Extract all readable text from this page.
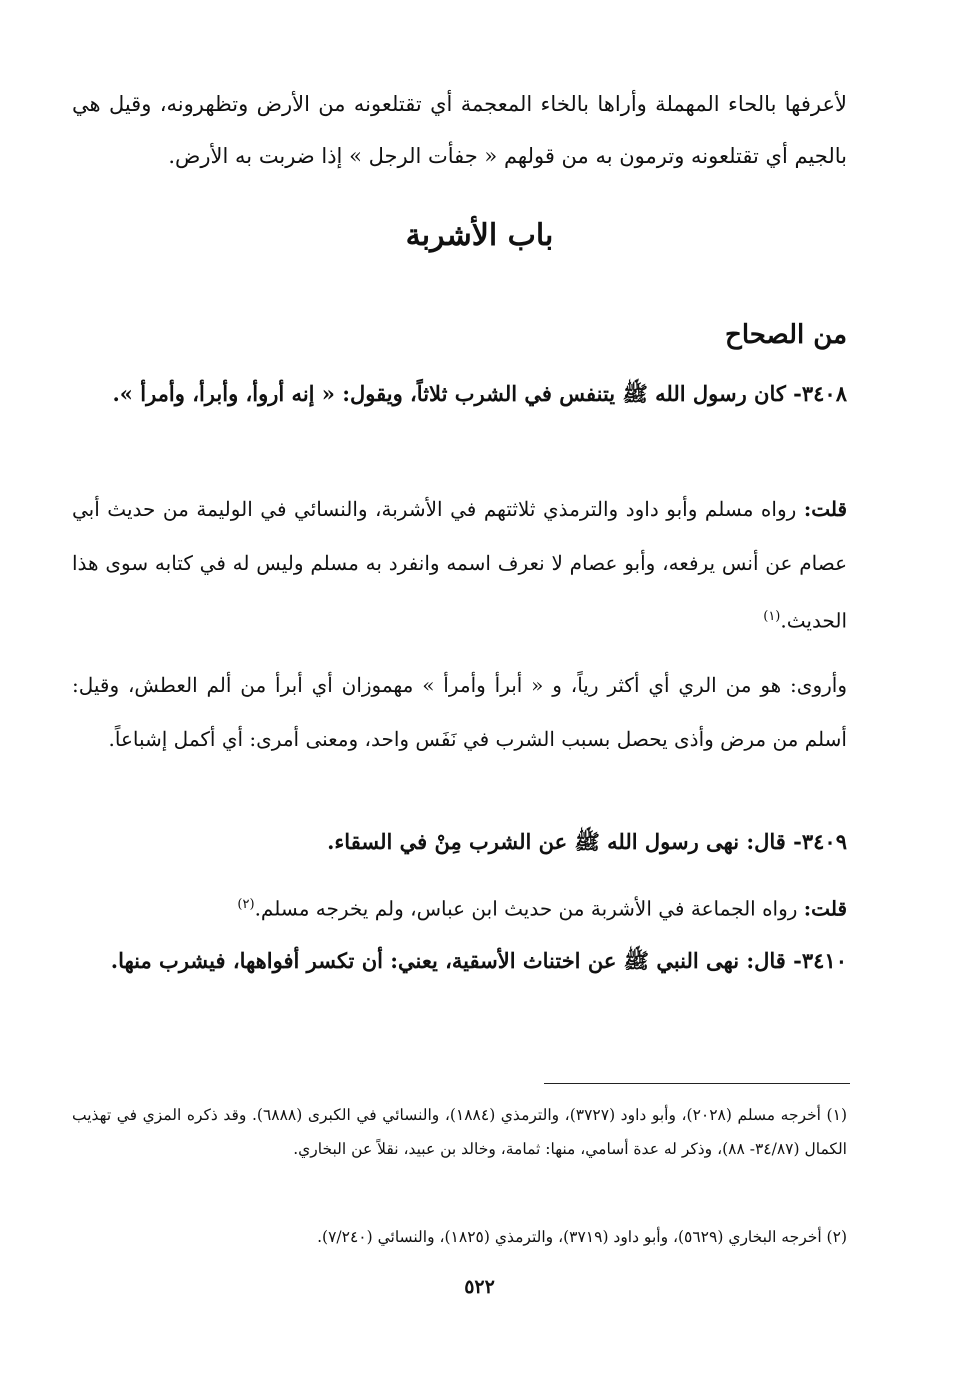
لأعرفها بالحاء المهملة وأراها بالخاء المعجمة أي تقتلعونه من الأرض وتظهرونه، وقيل هي بالجيم أي تقتلعونه وترمون به من قولهم « جفأت الرجل » إذا ضربت به الأرض.

باب الأشربة
من الصحاح

٣٤٠٨- كان رسول الله ﷺ يتنفس في الشرب ثلاثاً، ويقول: « إنه أروأ، وأبرأ، وأمرأ ».

قلت: رواه مسلم وأبو داود والترمذي ثلاثتهم في الأشربة، والنسائي في الوليمة من حديث أبي عصام عن أنس يرفعه، وأبو عصام لا نعرف اسمه وانفرد به مسلم وليس له في كتابه سوى هذا الحديث.$^{(١)}$

وأروى: هو من الري أي أكثر رياً، و « أبرأ وأمرأ » مهموزان أي أبرأ من ألم العطش، وقيل: أسلم من مرض وأذى يحصل بسبب الشرب في نَفَس واحد، ومعنى أمرى: أي أكمل إشباعاً.

٣٤٠٩- قال: نهى رسول الله ﷺ عن الشرب مِنْ في السقاء.

قلت: رواه الجماعة في الأشربة من حديث ابن عباس، ولم يخرجه مسلم.$^{(٢)}$

٣٤١٠- قال: نهى النبي ﷺ عن اختناث الأسقية، يعني: أن تكسر أفواهها، فيشرب منها.

(١) أخرجه مسلم (٢٠٢٨)، وأبو داود (٣٧٢٧)، والترمذي (١٨٨٤)، والنسائي في الكبرى (٦٨٨٨). وقد ذكره المزي في تهذيب الكمال (٣٤/٨٧- ٨٨)، وذكر له عدة أسامي، منها: ثمامة، وخالد بن عبيد، نقلاً عن البخاري.

(٢) أخرجه البخاري (٥٦٢٩)، وأبو داود (٣٧١٩)، والترمذي (١٨٢٥)، والنسائي (٧/٢٤٠).

٥٢٢
